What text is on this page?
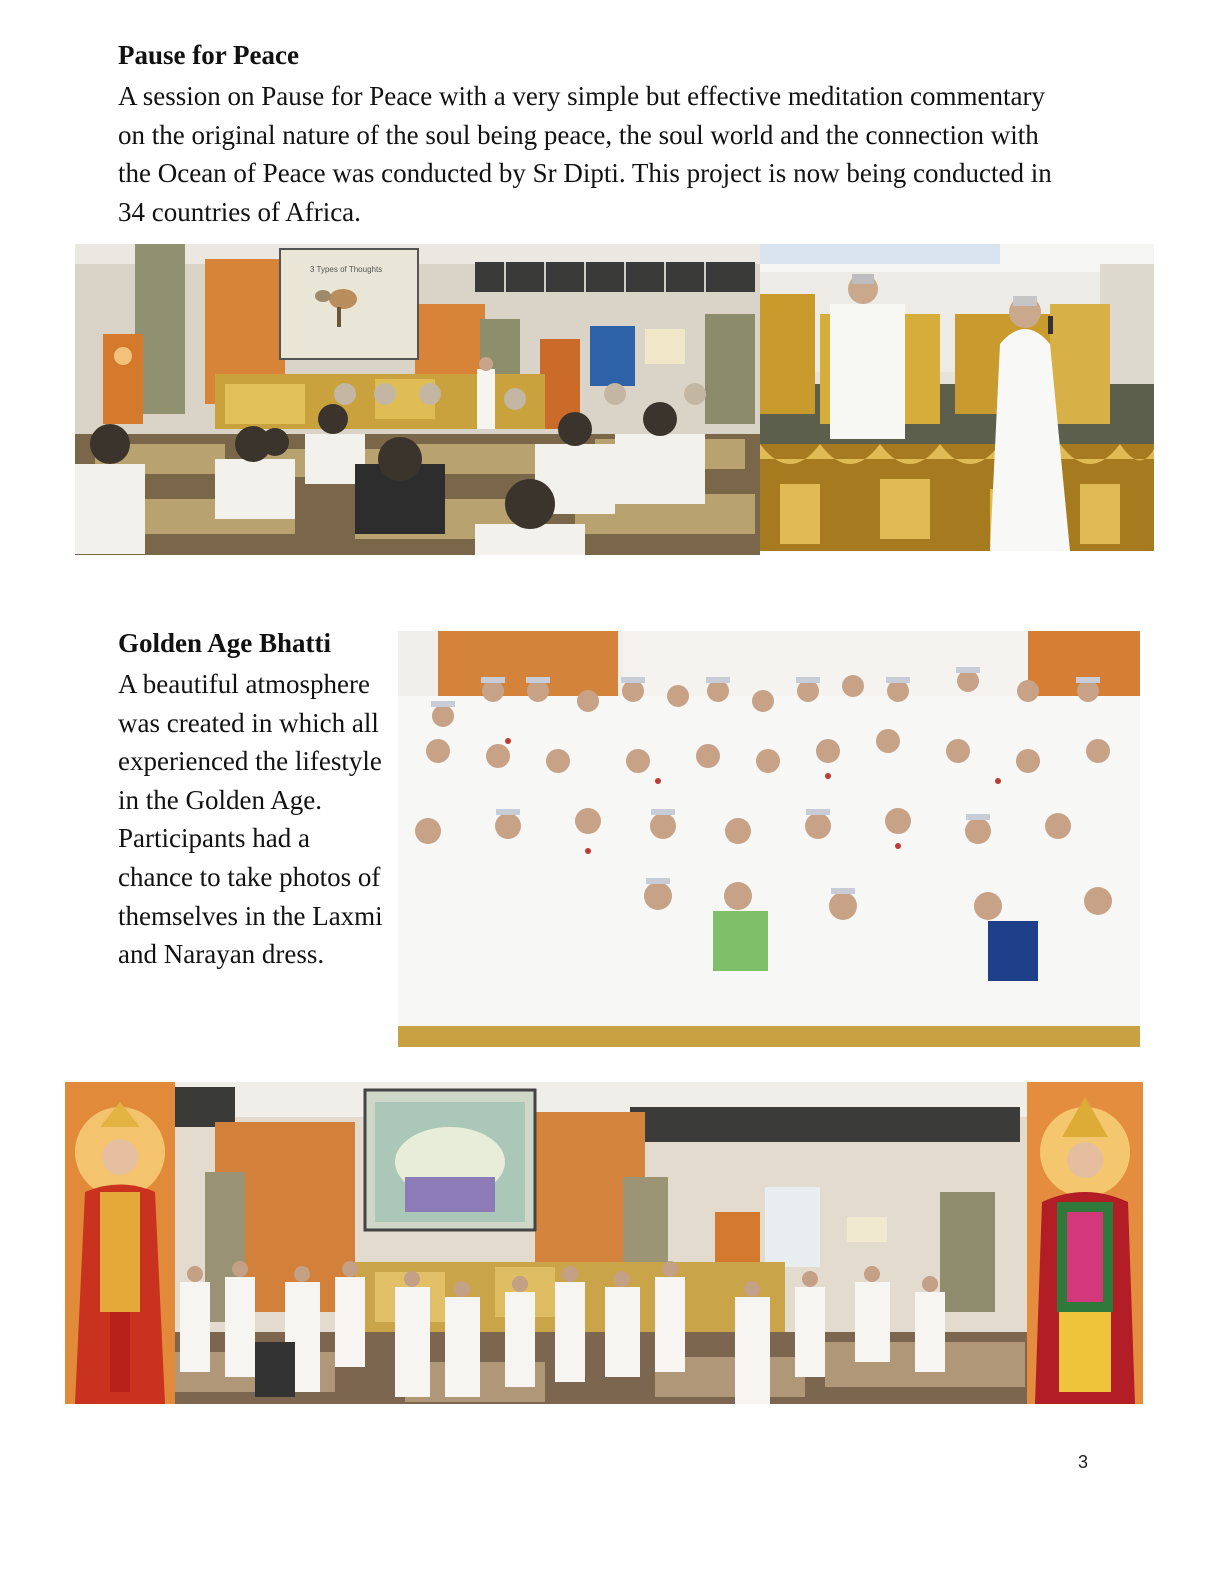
Pause for Peace

A session on Pause for Peace with a very simple but effective meditation commentary on the original nature of the soul being peace, the soul world and the connection with the Ocean of Peace was conducted by Sr Dipti. This project is now being conducted in 34 countries of Africa.

3 Types of Thoughts
Golden Age Bhatti

A beautiful atmosphere was created in which all experienced the lifestyle in the Golden Age. Participants had a chance to take photos of themselves in the Laxmi and Narayan dress.

3
